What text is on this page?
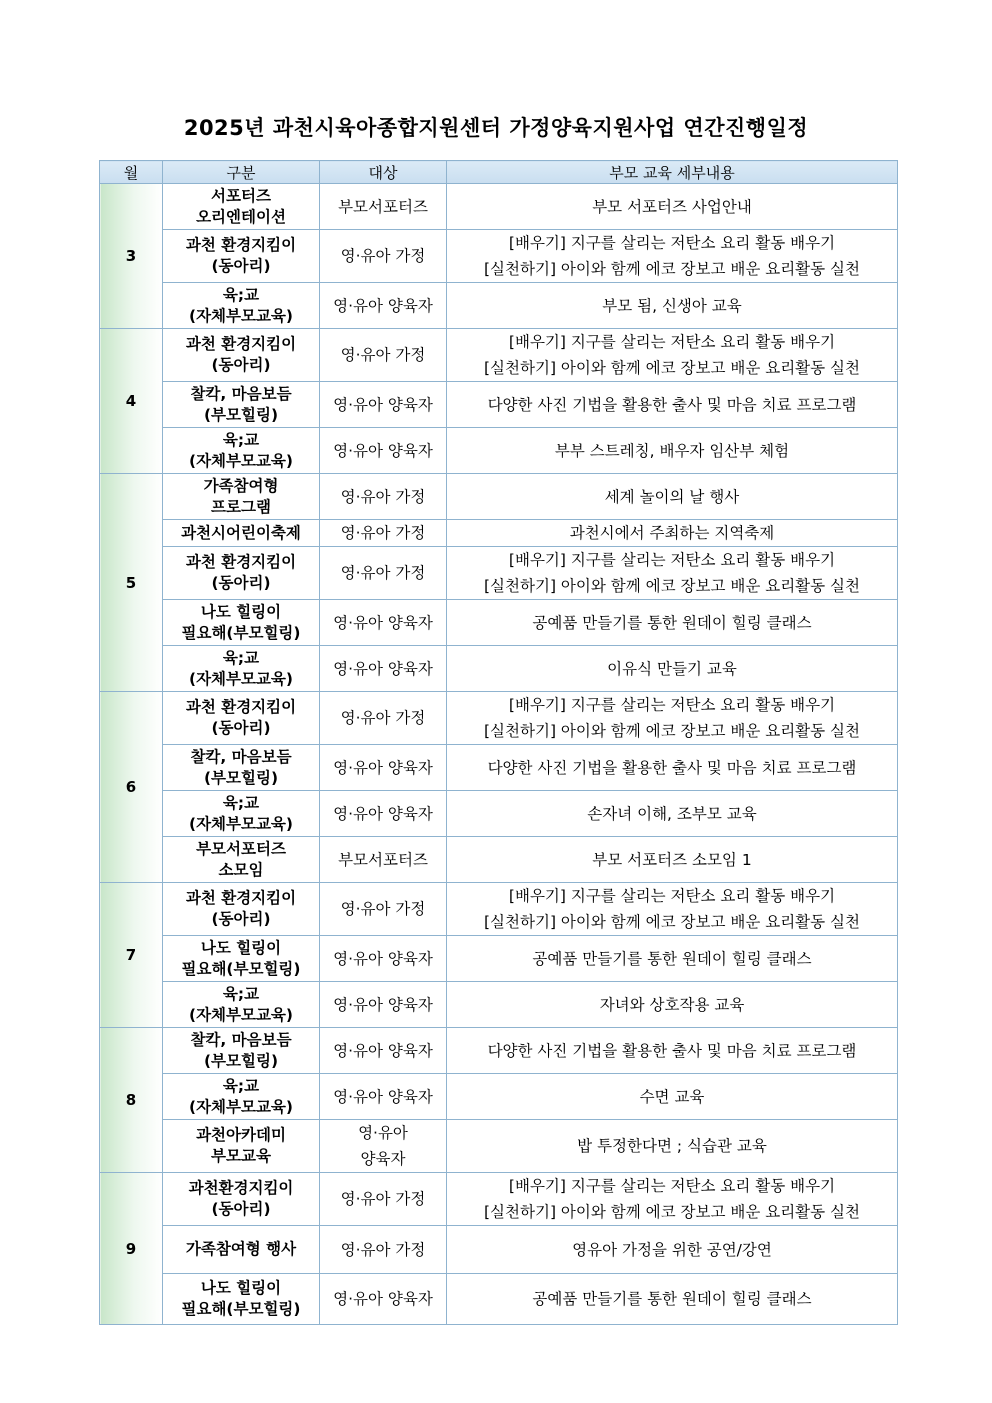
2025년 과천시육아종합지원센터 가정양육지원사업 연간진행일정
월	구분	대상	부모 교육 세부내용
3	서포터즈
오리엔테이션	부모서포터즈	부모 서포터즈 사업안내

	과천 환경지킴이
(동아리)	영·유아 가정	[배우기] 지구를 살리는 저탄소 요리 활동 배우기
[실천하기] 아이와 함께 에코 장보고 배운 요리활동 실천

	육;교
(자체부모교육)	영·유아 양육자	부모 됨, 신생아 교육

4	과천 환경지킴이
(동아리)	영·유아 가정	[배우기] 지구를 살리는 저탄소 요리 활동 배우기
[실천하기] 아이와 함께 에코 장보고 배운 요리활동 실천

	찰칵, 마음보듬
(부모힐링)	영·유아 양육자	다양한 사진 기법을 활용한 출사 및 마음 치료 프로그램

	육;교
(자체부모교육)	영·유아 양육자	부부 스트레칭, 배우자 임산부 체험

5	가족참여형
프로그램	영·유아 가정	세계 놀이의 날 행사

	과천시어린이축제	영·유아 가정	과천시에서 주최하는 지역축제

	과천 환경지킴이
(동아리)	영·유아 가정	[배우기] 지구를 살리는 저탄소 요리 활동 배우기
[실천하기] 아이와 함께 에코 장보고 배운 요리활동 실천

	나도 힐링이
필요해(부모힐링)	영·유아 양육자	공예품 만들기를 통한 원데이 힐링 클래스

	육;교
(자체부모교육)	영·유아 양육자	이유식 만들기 교육

6	과천 환경지킴이
(동아리)	영·유아 가정	[배우기] 지구를 살리는 저탄소 요리 활동 배우기
[실천하기] 아이와 함께 에코 장보고 배운 요리활동 실천

	찰칵, 마음보듬
(부모힐링)	영·유아 양육자	다양한 사진 기법을 활용한 출사 및 마음 치료 프로그램

	육;교
(자체부모교육)	영·유아 양육자	손자녀 이해, 조부모 교육

	부모서포터즈
소모임	부모서포터즈	부모 서포터즈 소모임 1

7	과천 환경지킴이
(동아리)	영·유아 가정	[배우기] 지구를 살리는 저탄소 요리 활동 배우기
[실천하기] 아이와 함께 에코 장보고 배운 요리활동 실천

	나도 힐링이
필요해(부모힐링)	영·유아 양육자	공예품 만들기를 통한 원데이 힐링 클래스

	육;교
(자체부모교육)	영·유아 양육자	자녀와 상호작용 교육

8	찰칵, 마음보듬
(부모힐링)	영·유아 양육자	다양한 사진 기법을 활용한 출사 및 마음 치료 프로그램

	육;교
(자체부모교육)	영·유아 양육자	수면 교육

	과천아카데미
부모교육	영·유아
양육자	밥 투정한다면 ; 식습관 교육

9	과천환경지킴이
(동아리)	영·유아 가정	[배우기] 지구를 살리는 저탄소 요리 활동 배우기
[실천하기] 아이와 함께 에코 장보고 배운 요리활동 실천

	가족참여형 행사	영·유아 가정	영유아 가정을 위한 공연/강연

	나도 힐링이
필요해(부모힐링)	영·유아 양육자	공예품 만들기를 통한 원데이 힐링 클래스
